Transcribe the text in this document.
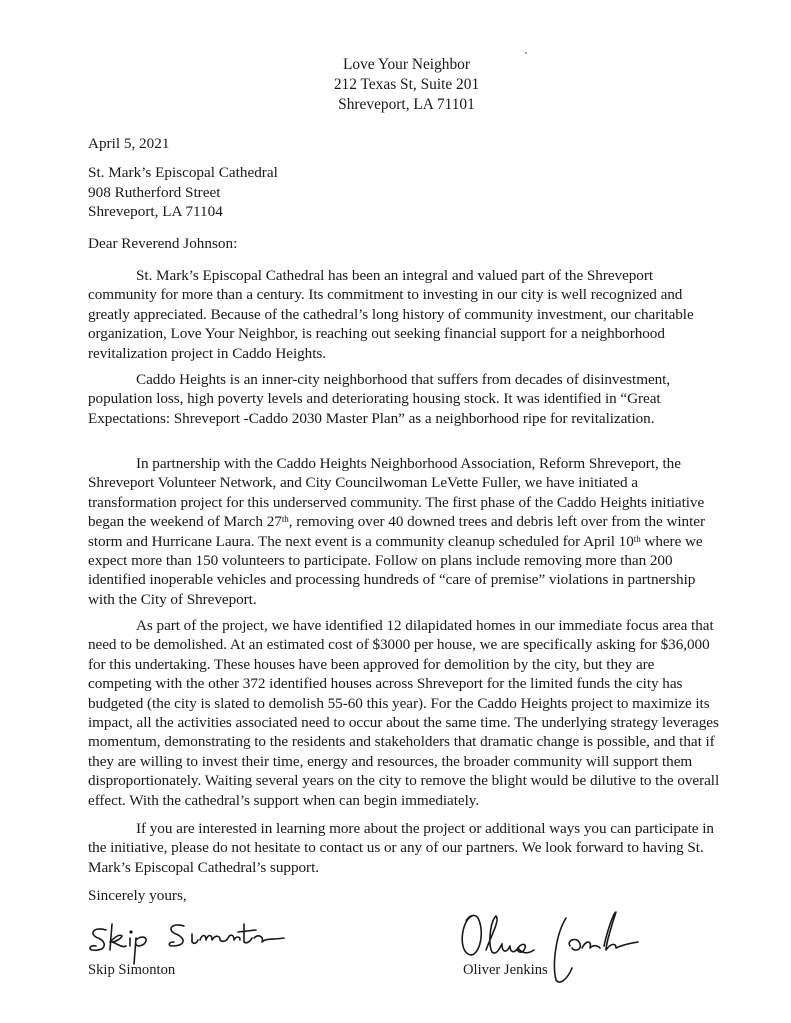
Love Your Neighbor
212 Texas St, Suite 201
Shreveport, LA 71101
April 5, 2021
St. Mark’s Episcopal Cathedral
908 Rutherford Street
Shreveport, LA 71104
Dear Reverend Johnson:

St. Mark’s Episcopal Cathedral has been an integral and valued part of the Shreveport community for more than a century. Its commitment to investing in our city is well recognized and greatly appreciated. Because of the cathedral’s long history of community investment, our charitable organization, Love Your Neighbor, is reaching out seeking financial support for a neighborhood revitalization project in Caddo Heights.

Caddo Heights is an inner-city neighborhood that suffers from decades of disinvestment, population loss, high poverty levels and deteriorating housing stock. It was identified in “Great Expectations: Shreveport -Caddo 2030 Master Plan” as a neighborhood ripe for revitalization.

In partnership with the Caddo Heights Neighborhood Association, Reform Shreveport, the Shreveport Volunteer Network, and City Councilwoman LeVette Fuller, we have initiated a transformation project for this underserved community. The first phase of the Caddo Heights initiative began the weekend of March 27th, removing over 40 downed trees and debris left over from the winter storm and Hurricane Laura. The next event is a community cleanup scheduled for April 10th where we expect more than 150 volunteers to participate. Follow on plans include removing more than 200 identified inoperable vehicles and processing hundreds of “care of premise” violations in partnership with the City of Shreveport.

As part of the project, we have identified 12 dilapidated homes in our immediate focus area that need to be demolished. At an estimated cost of $3000 per house, we are specifically asking for $36,000 for this undertaking. These houses have been approved for demolition by the city, but they are competing with the other 372 identified houses across Shreveport for the limited funds the city has budgeted (the city is slated to demolish 55-60 this year). For the Caddo Heights project to maximize its impact, all the activities associated need to occur about the same time. The underlying strategy leverages momentum, demonstrating to the residents and stakeholders that dramatic change is possible, and that if they are willing to invest their time, energy and resources, the broader community will support them disproportionately. Waiting several years on the city to remove the blight would be dilutive to the overall effect. With the cathedral’s support when can begin immediately.

If you are interested in learning more about the project or additional ways you can participate in the initiative, please do not hesitate to contact us or any of our partners. We look forward to having St. Mark’s Episcopal Cathedral’s support.

Sincerely yours,
Skip Simonton	Oliver Jenkins
